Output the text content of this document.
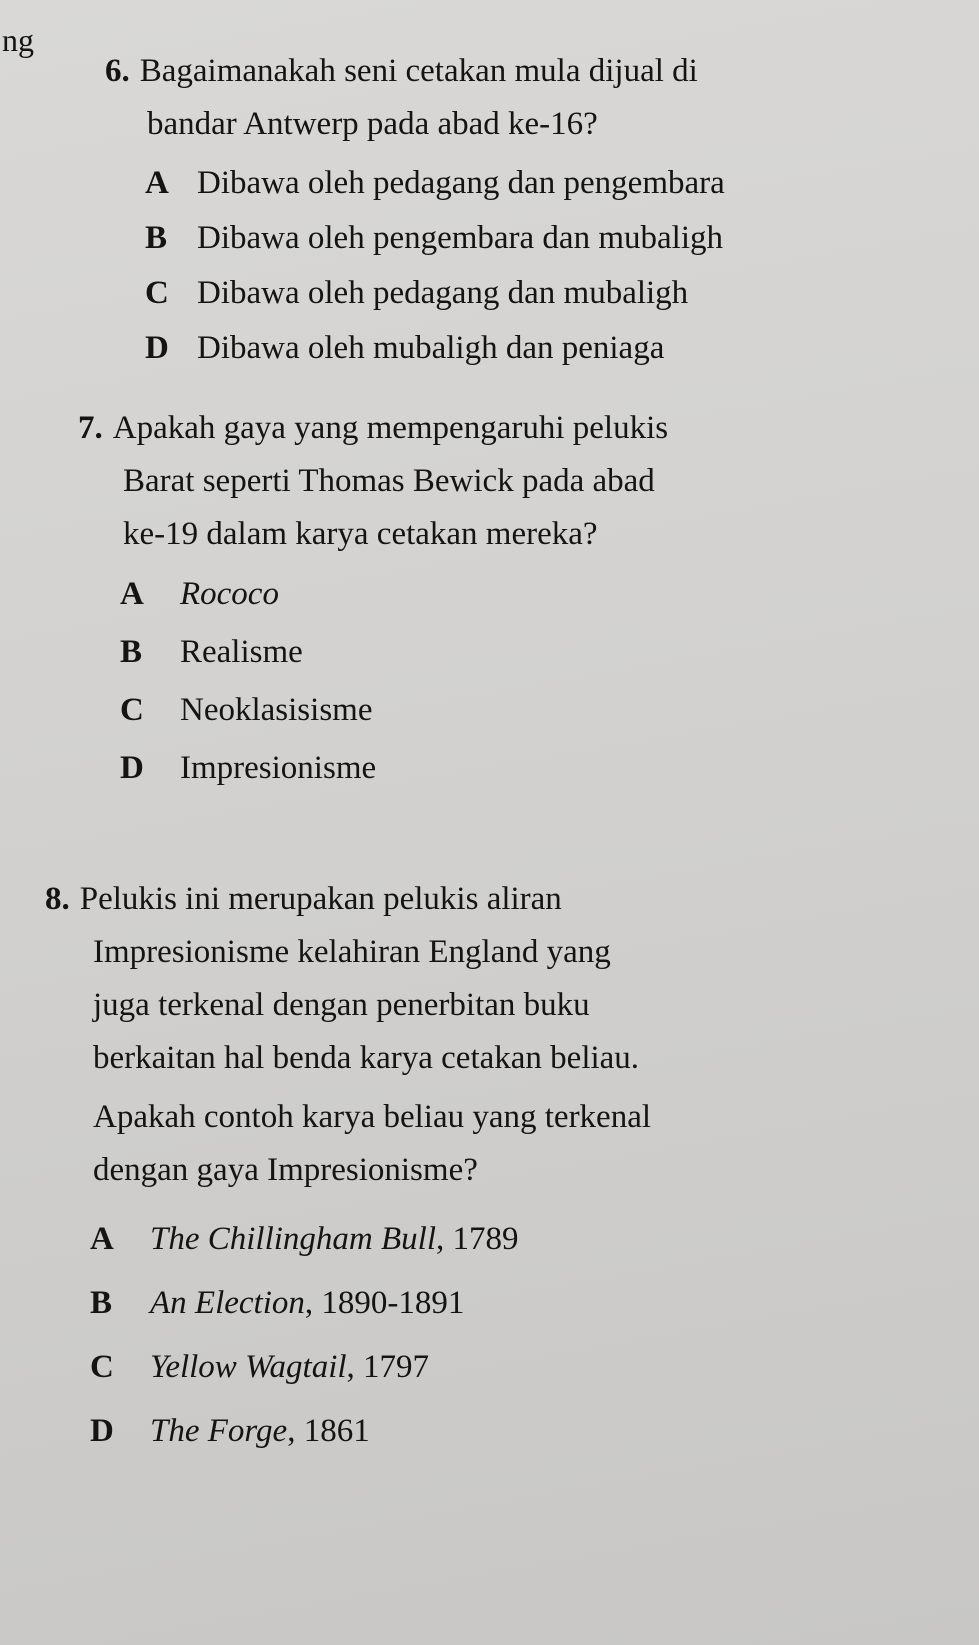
ng

6. Bagaimanakah seni cetakan mula dijual di
bandar Antwerp pada abad ke-16?

A Dibawa oleh pedagang dan pengembara
B Dibawa oleh pengembara dan mubaligh
C Dibawa oleh pedagang dan mubaligh
D Dibawa oleh mubaligh dan peniaga

7. Apakah gaya yang mempengaruhi pelukis
Barat seperti Thomas Bewick pada abad
ke-19 dalam karya cetakan mereka?

A	Rococo
B	Realisme
C	Neoklasisisme
D	Impresionisme

8. Pelukis ini merupakan pelukis aliran
Impresionisme kelahiran England yang
juga terkenal dengan penerbitan buku
berkaitan hal benda karya cetakan beliau.

Apakah contoh karya beliau yang terkenal
dengan gaya Impresionisme?

A	The Chillingham Bull , 1789
B	An Election , 1890-1891
C	Yellow Wagtail , 1797
D	The Forge , 1861
